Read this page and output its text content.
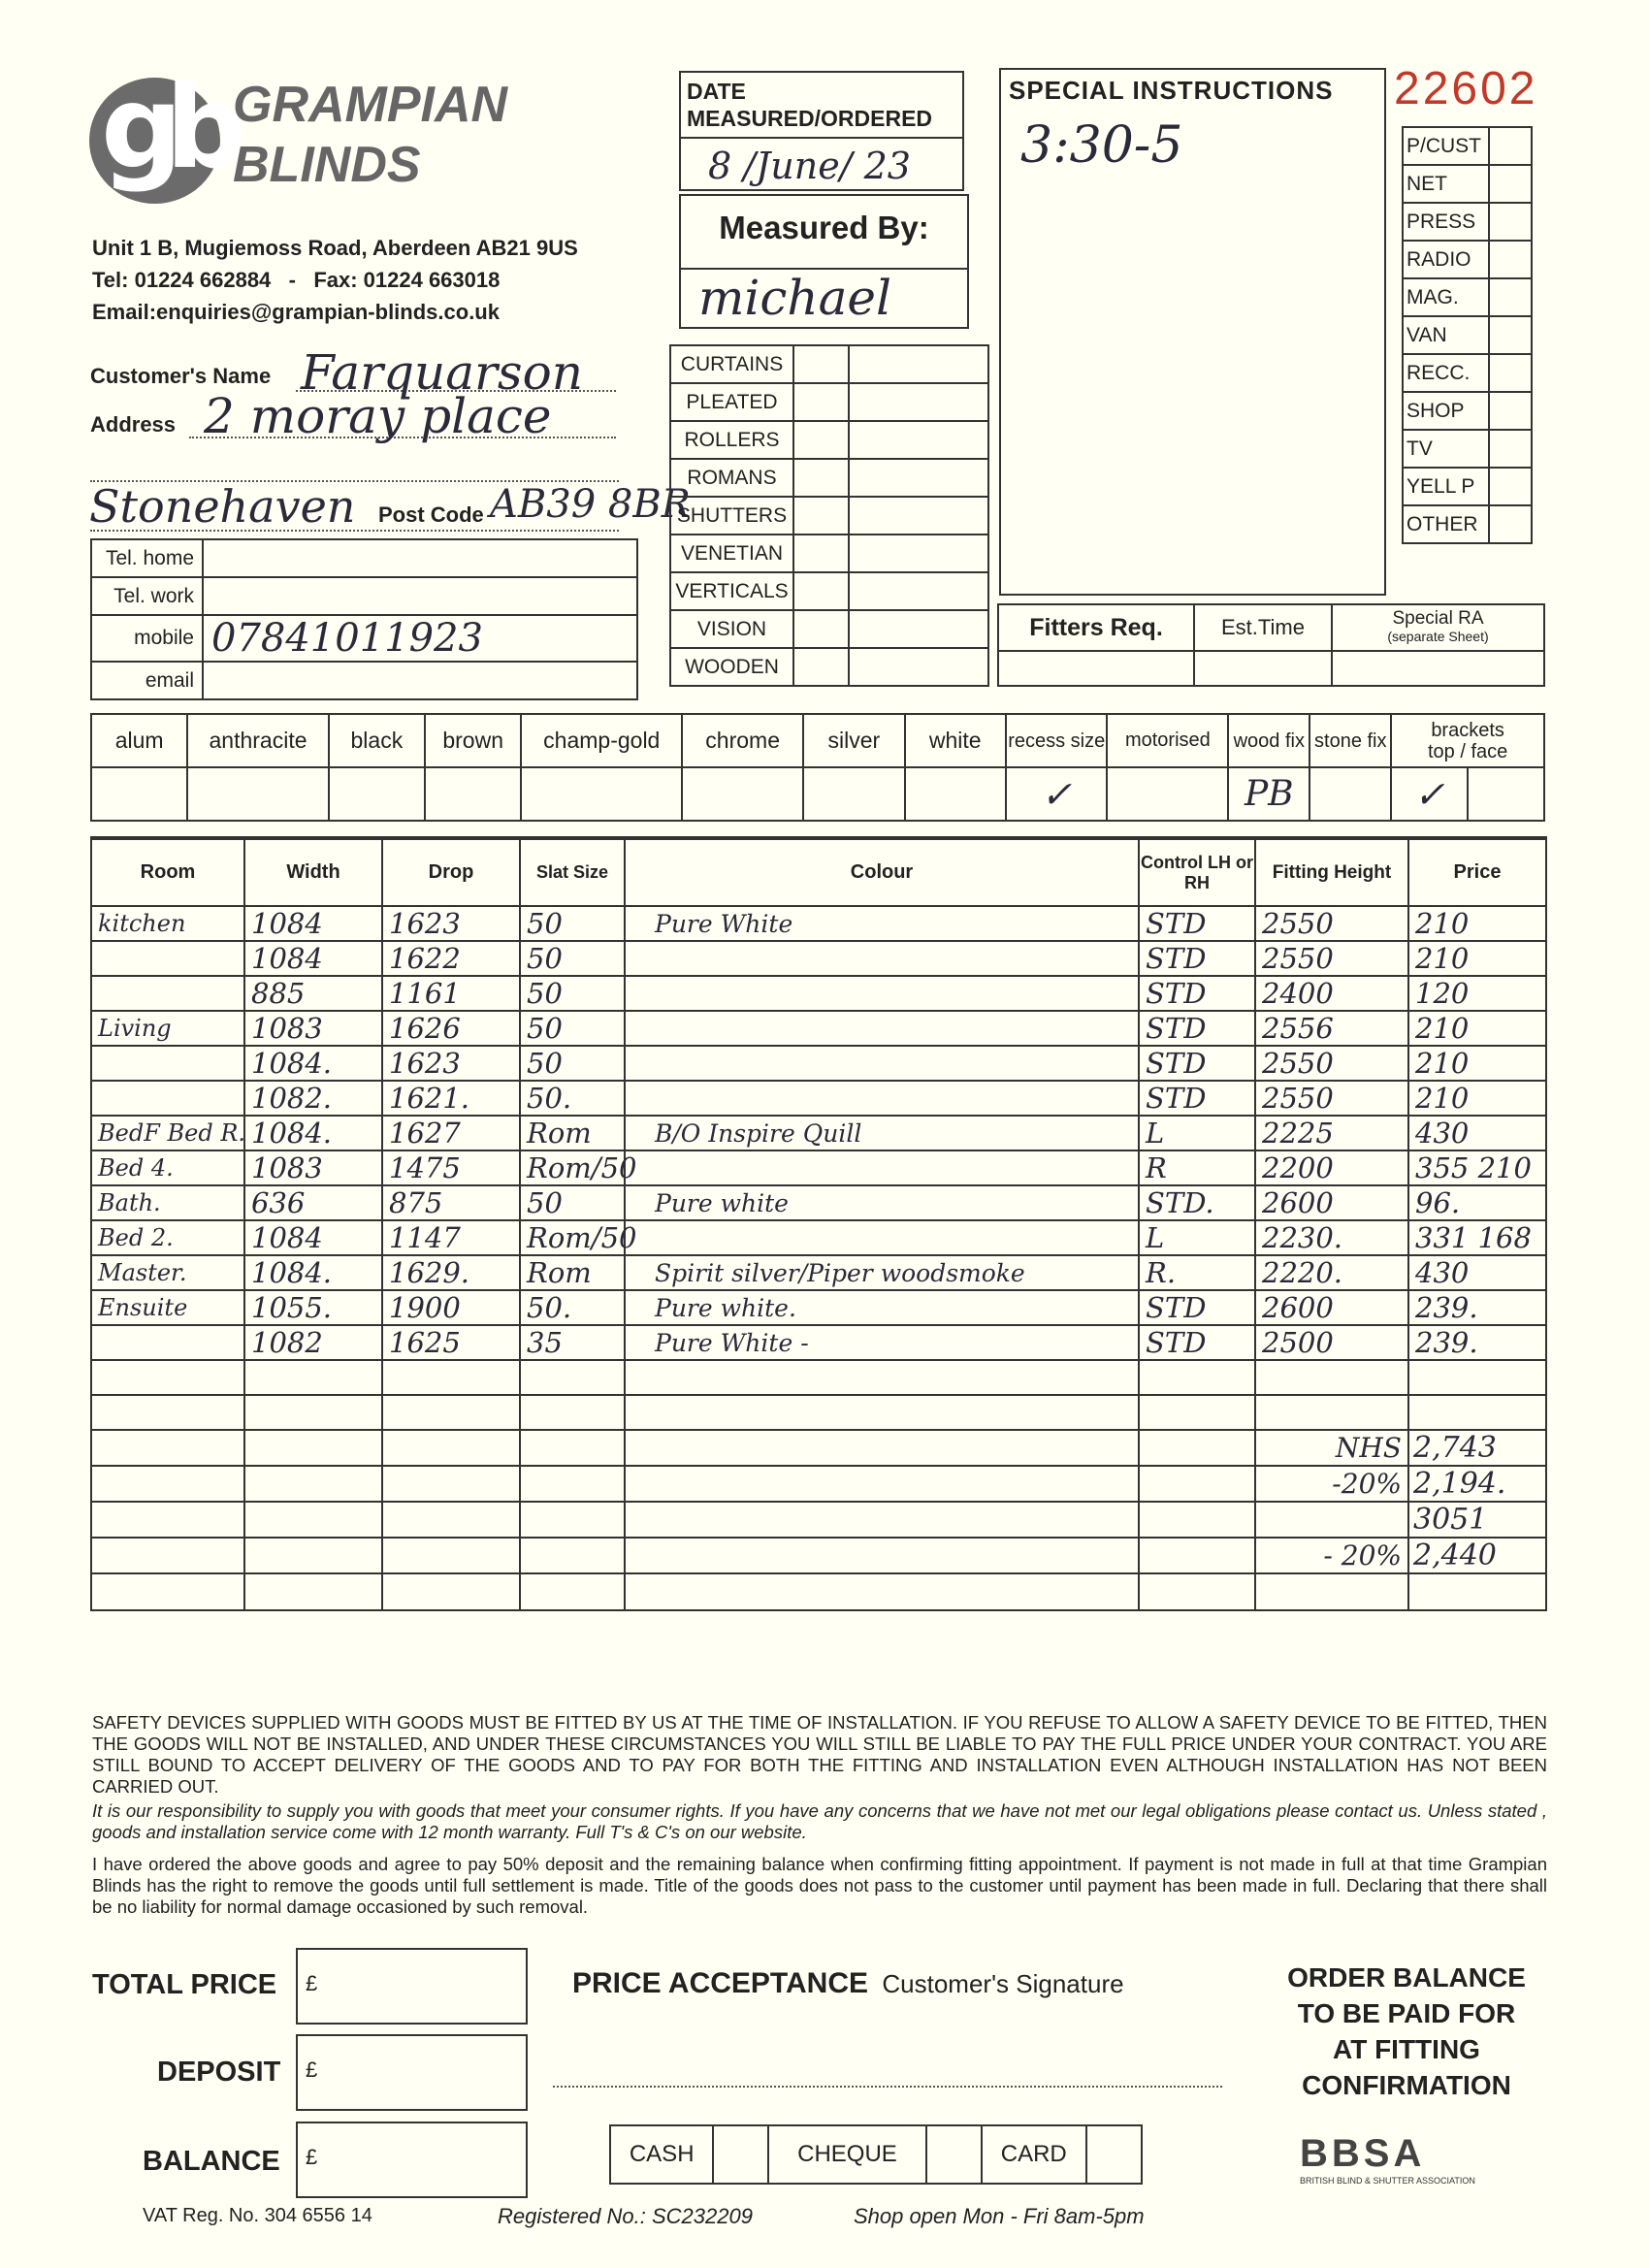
gb GRAMPIAN
BLINDS
Unit 1 B, Mugiemoss Road, Aberdeen AB21 9US
Tel: 01224 662884 - Fax: 01224 663018
Email:enquiries@grampian-blinds.co.uk
DATE
MEASURED/ORDERED
8 /June/ 23
Measured By:
michael
SPECIAL INSTRUCTIONS
3:30-5
22602
P/CUST	
NET	
PRESS	
RADIO	
MAG.	
VAN	
RECC.	
SHOP	
TV	
YELL P	
OTHER	
Customer's Name Farquarson
Address 2 moray place
Stonehaven Post Code AB39 8BR
Tel. home	
Tel. work	
mobile	07841011923
email	
CURTAINS		
PLEATED		
ROLLERS		
ROMANS		
SHUTTERS		
VENETIAN		
VERTICALS		
VISION		
WOODEN		
Fitters Req.	Est.Time	Special RA
(separate Sheet)

alum	anthracite	black	brown	champ-gold	chrome	silver	white	recess size	motorised	wood fix	stone fix	brackets
top / face	
								✓		PB		✓	
Room	Width	Drop	Slat Size	Colour	Control LH or RH	Fitting Height	Price
kitchen	1084	1623	50	Pure White	STD	2550	210
	1084	1622	50		STD	2550	210
	885	1161	50		STD	2400	120
Living	1083	1626	50		STD	2556	210
	1084.	1623	50		STD	2550	210
	1082.	1621.	50.		STD	2550	210
BedF Bed R.	1084.	1627	Rom	B/O Inspire Quill	L	2225	430
Bed 4.	1083	1475	Rom/50		R	2200	355 210
Bath.	636	875	50	Pure white	STD.	2600	96.
Bed 2.	1084	1147	Rom/50		L	2230.	331 168
Master.	1084.	1629.	Rom	Spirit silver/Piper woodsmoke	R.	2220.	430
Ensuite	1055.	1900	50.	Pure white.	STD	2600	239.
	1082	1625	35	Pure White -	STD	2500	239.

						NHS	2,743
						-20%	2,194.
							3051
						- 20%	2,440

SAFETY DEVICES SUPPLIED WITH GOODS MUST BE FITTED BY US AT THE TIME OF INSTALLATION. IF YOU REFUSE TO ALLOW A SAFETY DEVICE TO BE FITTED, THEN THE GOODS WILL NOT BE INSTALLED, AND UNDER THESE CIRCUMSTANCES YOU WILL STILL BE LIABLE TO PAY THE FULL PRICE UNDER YOUR CONTRACT. YOU ARE STILL BOUND TO ACCEPT DELIVERY OF THE GOODS AND TO PAY FOR BOTH THE FITTING AND INSTALLATION EVEN ALTHOUGH INSTALLATION HAS NOT BEEN CARRIED OUT.
It is our responsibility to supply you with goods that meet your consumer rights. If you have any concerns that we have not met our legal obligations please contact us. Unless stated , goods and installation service come with 12 month warranty. Full T's & C's on our website.
I have ordered the above goods and agree to pay 50% deposit and the remaining balance when confirming fitting appointment. If payment is not made in full at that time Grampian Blinds has the right to remove the goods until full settlement is made. Title of the goods does not pass to the customer until payment has been made in full. Declaring that there shall be no liability for normal damage occasioned by such removal.
TOTAL PRICE £
DEPOSIT £
BALANCE £
PRICE ACCEPTANCE Customer's Signature
CASH		CHEQUE		CARD	
ORDER BALANCE
TO BE PAID FOR
AT FITTING
CONFIRMATION
BBSA
BRITISH BLIND & SHUTTER ASSOCIATION
VAT Reg. No. 304 6556 14	Registered No.: SC232209	Shop open Mon - Fri 8am-5pm
